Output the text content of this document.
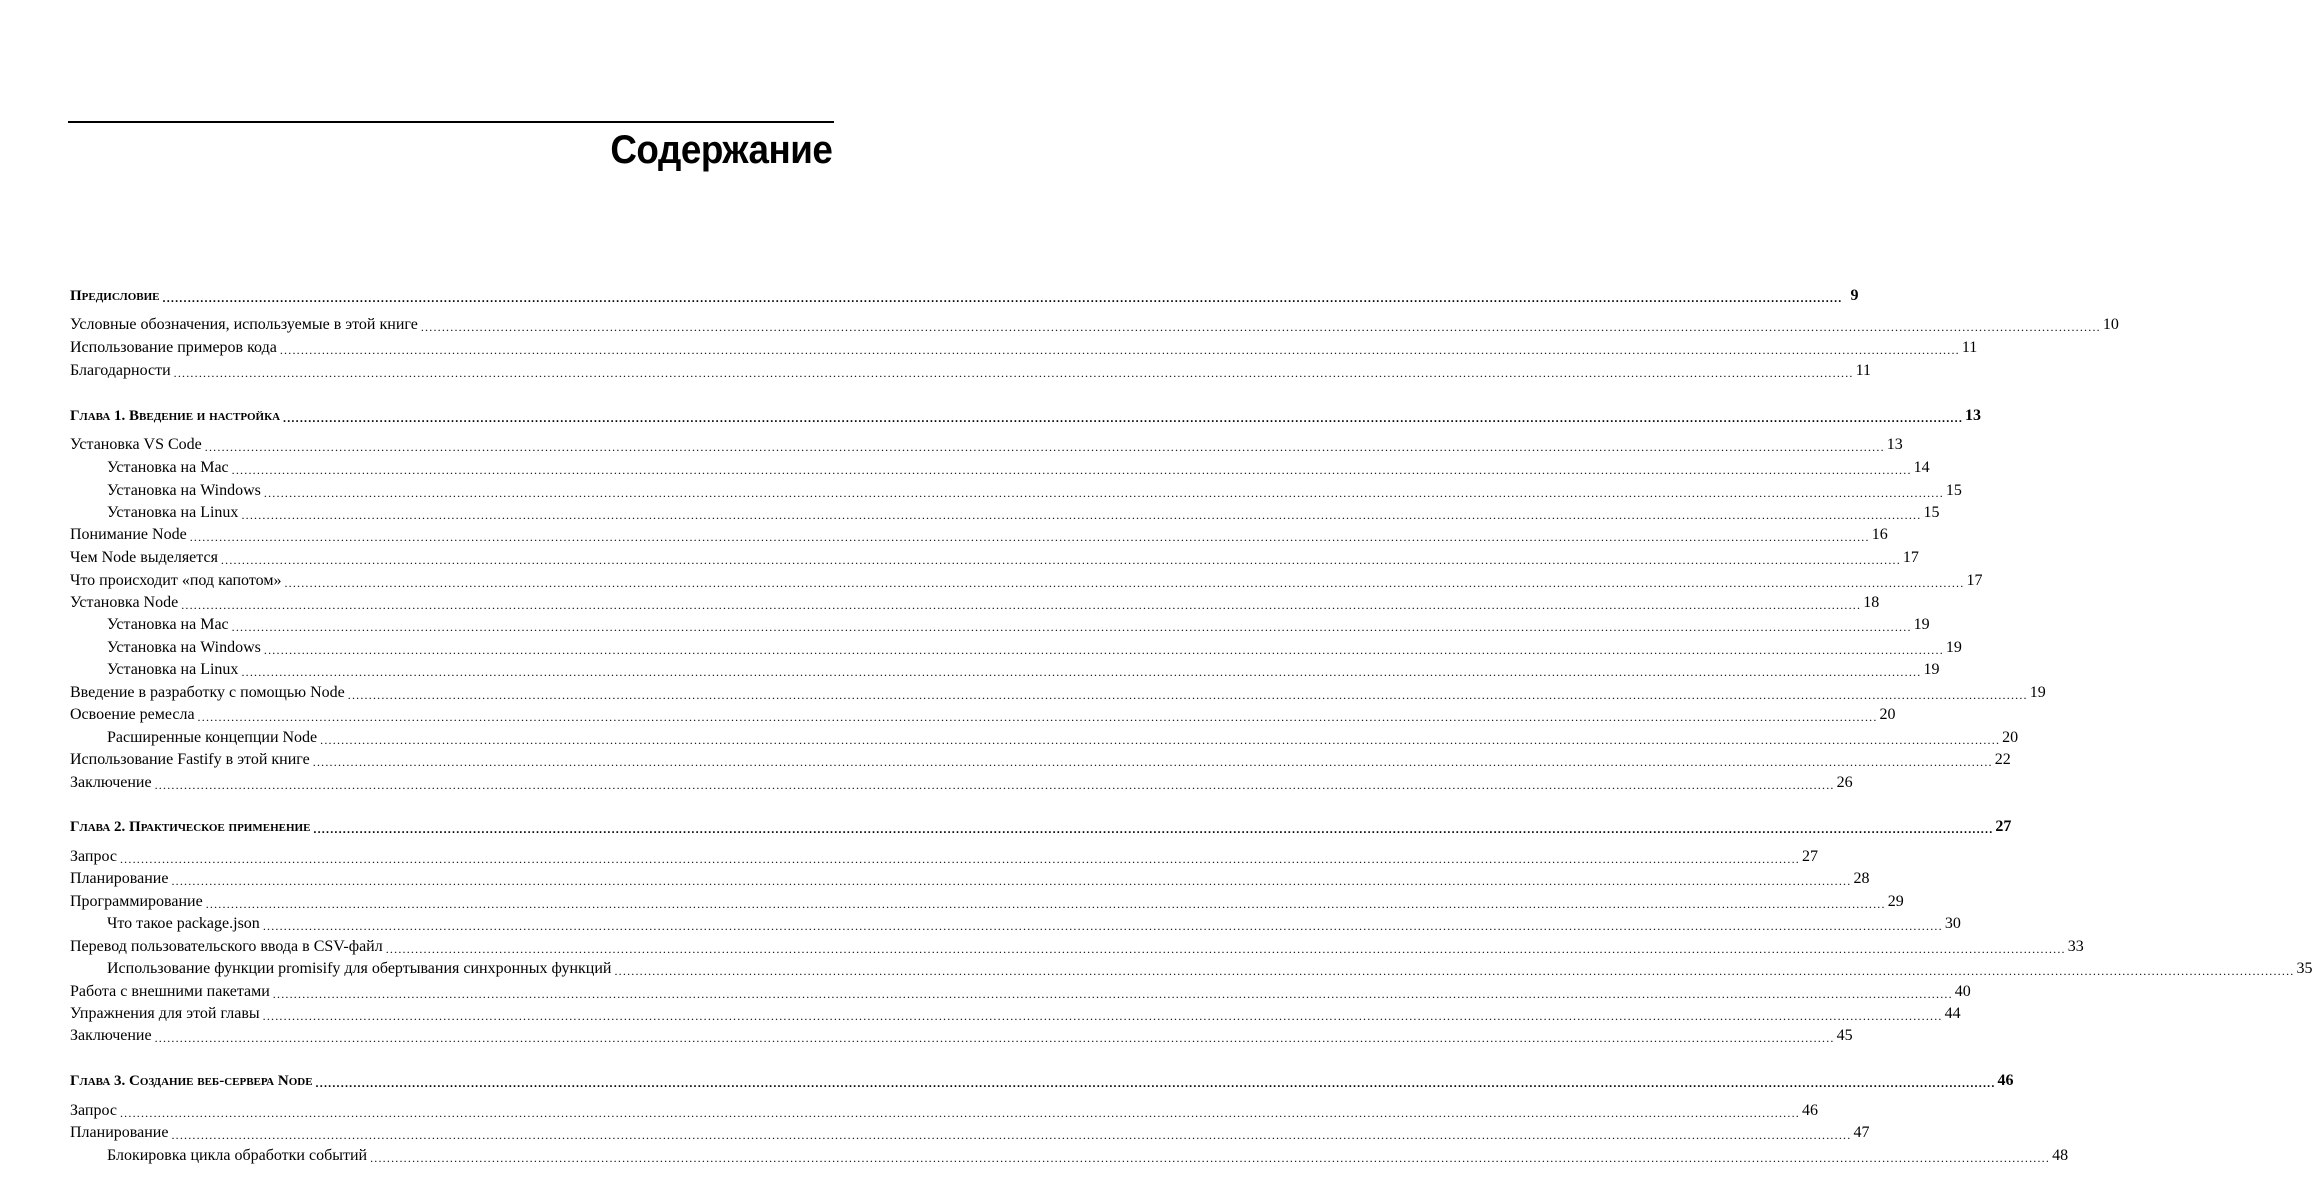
Содержание
Предисловие ................................................................................................................................................................................................................................................................................................................................................................................................................ 9
Условные обозначения, используемые в этой книге ................................................................................................................................................................................................................................................................................................................................................................................................................ 10
Использование примеров кода ................................................................................................................................................................................................................................................................................................................................................................................................................ 11
Благодарности ................................................................................................................................................................................................................................................................................................................................................................................................................ 11
Глава 1. Введение и настройка ................................................................................................................................................................................................................................................................................................................................................................................................................ 13
Установка VS Code ................................................................................................................................................................................................................................................................................................................................................................................................................ 13
Установка на Mac ................................................................................................................................................................................................................................................................................................................................................................................................................ 14
Установка на Windows ................................................................................................................................................................................................................................................................................................................................................................................................................ 15
Установка на Linux ................................................................................................................................................................................................................................................................................................................................................................................................................ 15
Понимание Node ................................................................................................................................................................................................................................................................................................................................................................................................................ 16
Чем Node выделяется ................................................................................................................................................................................................................................................................................................................................................................................................................ 17
Что происходит «под капотом» ................................................................................................................................................................................................................................................................................................................................................................................................................ 17
Установка Node ................................................................................................................................................................................................................................................................................................................................................................................................................ 18
Установка на Mac ................................................................................................................................................................................................................................................................................................................................................................................................................ 19
Установка на Windows ................................................................................................................................................................................................................................................................................................................................................................................................................ 19
Установка на Linux ................................................................................................................................................................................................................................................................................................................................................................................................................ 19
Введение в разработку с помощью Node ................................................................................................................................................................................................................................................................................................................................................................................................................ 19
Освоение ремесла ................................................................................................................................................................................................................................................................................................................................................................................................................ 20
Расширенные концепции Node ................................................................................................................................................................................................................................................................................................................................................................................................................ 20
Использование Fastify в этой книге ................................................................................................................................................................................................................................................................................................................................................................................................................ 22
Заключение ................................................................................................................................................................................................................................................................................................................................................................................................................ 26
Глава 2. Практическое применение ................................................................................................................................................................................................................................................................................................................................................................................................................ 27
Запрос ................................................................................................................................................................................................................................................................................................................................................................................................................ 27
Планирование ................................................................................................................................................................................................................................................................................................................................................................................................................ 28
Программирование ................................................................................................................................................................................................................................................................................................................................................................................................................ 29
Что такое package.json ................................................................................................................................................................................................................................................................................................................................................................................................................ 30
Перевод пользовательского ввода в CSV-файл ................................................................................................................................................................................................................................................................................................................................................................................................................ 33
Использование функции promisify для обертывания синхронных функций ................................................................................................................................................................................................................................................................................................................................................................................................................ 35
Работа с внешними пакетами ................................................................................................................................................................................................................................................................................................................................................................................................................ 40
Упражнения для этой главы ................................................................................................................................................................................................................................................................................................................................................................................................................ 44
Заключение ................................................................................................................................................................................................................................................................................................................................................................................................................ 45
Глава 3. Создание веб-сервера Node ................................................................................................................................................................................................................................................................................................................................................................................................................ 46
Запрос ................................................................................................................................................................................................................................................................................................................................................................................................................ 46
Планирование ................................................................................................................................................................................................................................................................................................................................................................................................................ 47
Блокировка цикла обработки событий ................................................................................................................................................................................................................................................................................................................................................................................................................ 48
